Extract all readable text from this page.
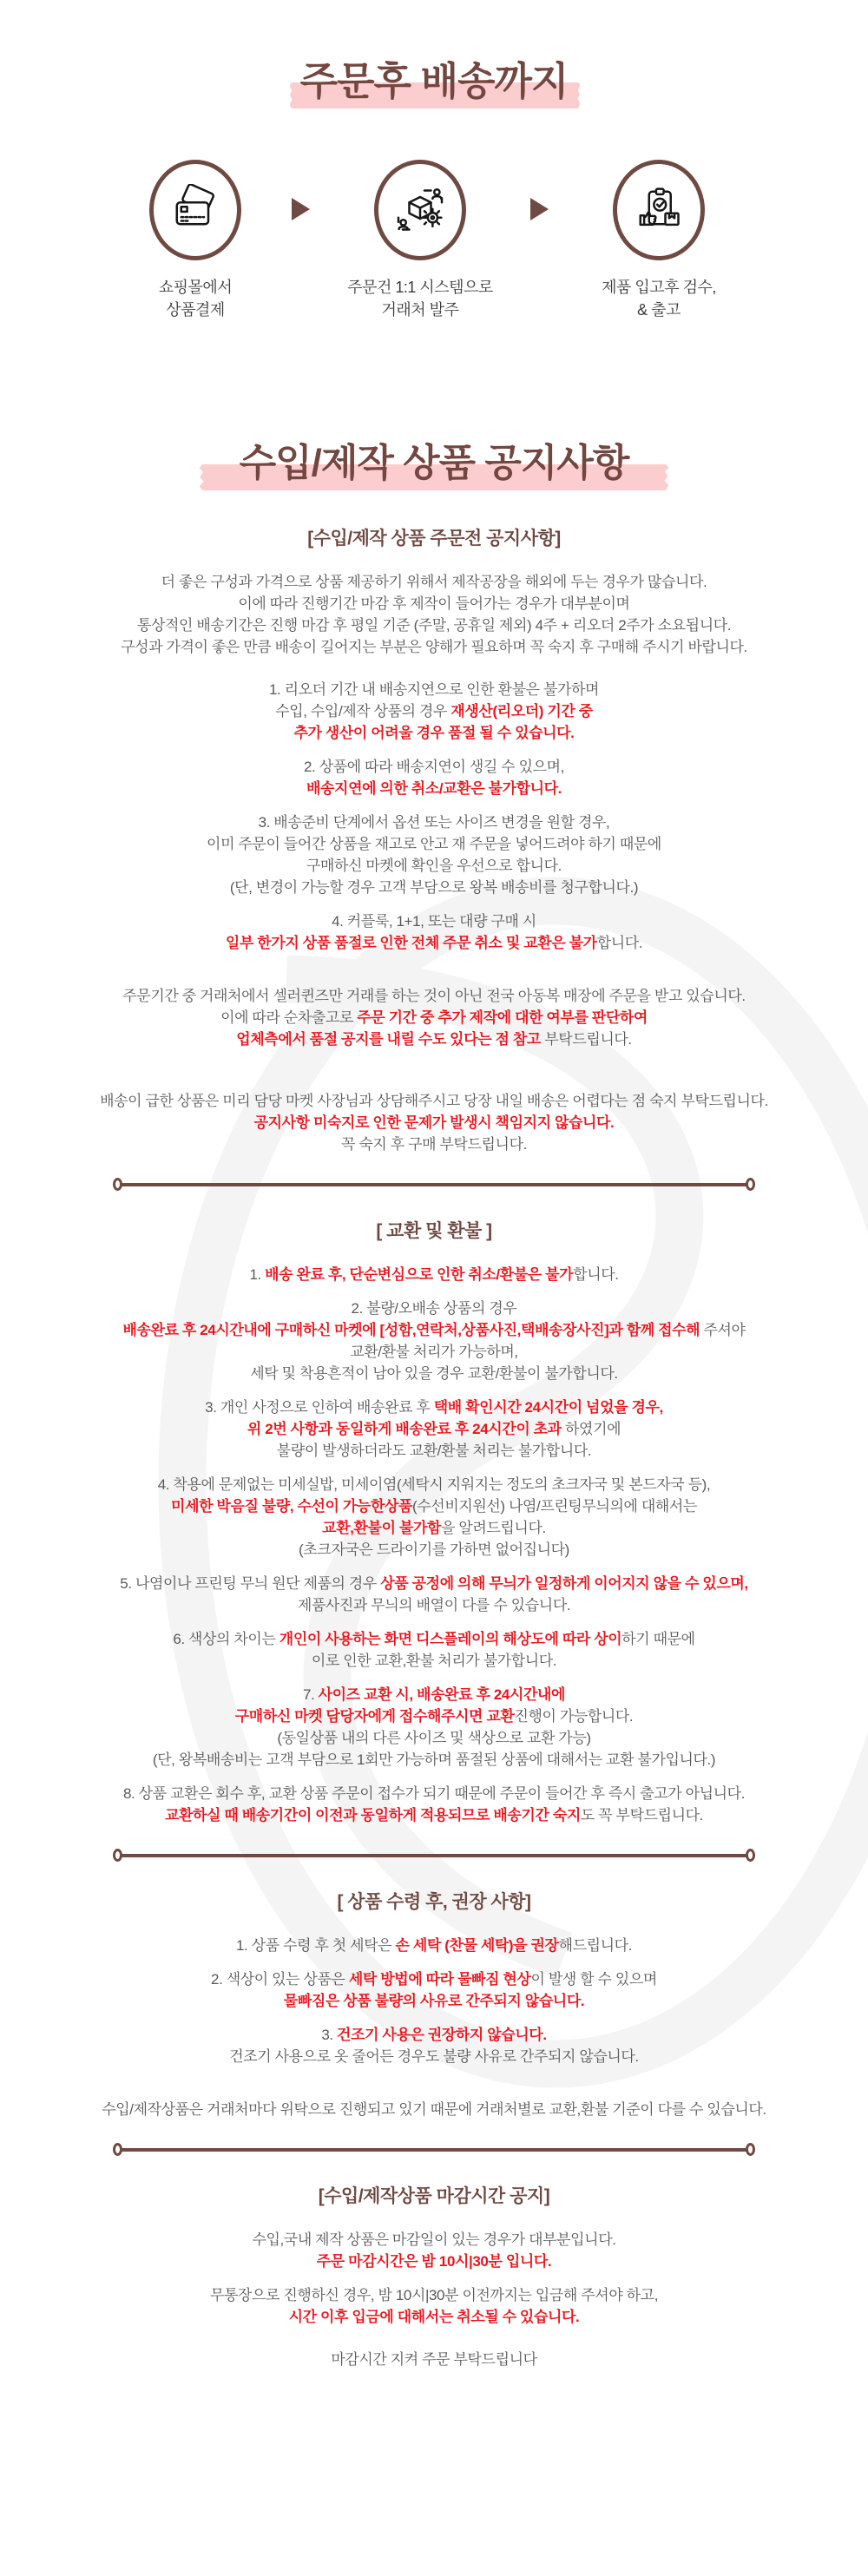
주문후 배송까지
쇼핑몰에서
상품결제
주문건 1:1 시스템으로
거래처 발주
제품 입고후 검수,
& 출고
수입/제작 상품 공지사항
[수입/제작 상품 주문전 공지사항]

더 좋은 구성과 가격으로 상품 제공하기 위해서 제작공장을 해외에 두는 경우가 많습니다.
이에 따라 진행기간 마감 후 제작이 들어가는 경우가 대부분이며
통상적인 배송기간은 진행 마감 후 평일 기준 (주말, 공휴일 제외) 4주 + 리오더 2주가 소요됩니다.
구성과 가격이 좋은 만큼 배송이 길어지는 부분은 양해가 필요하며 꼭 숙지 후 구매해 주시기 바랍니다.

1. 리오더 기간 내 배송지연으로 인한 환불은 불가하며
수입, 수입/제작 상품의 경우 재생산(리오더) 기간 중
추가 생산이 어려울 경우 품절 될 수 있습니다.

2. 상품에 따라 배송지연이 생길 수 있으며,
배송지연에 의한 취소/교환은 불가합니다.

3. 배송준비 단계에서 옵션 또는 사이즈 변경을 원할 경우,
이미 주문이 들어간 상품을 재고로 안고 재 주문을 넣어드려야 하기 때문에
구매하신 마켓에 확인을 우선으로 합니다.
(단, 변경이 가능할 경우 고객 부담으로 왕복 배송비를 청구합니다.)

4. 커플룩, 1+1, 또는 대량 구매 시
일부 한가지 상품 품절로 인한 전체 주문 취소 및 교환은 불가합니다.

주문기간 중 거래처에서 셀러퀸즈만 거래를 하는 것이 아닌 전국 아동복 매장에 주문을 받고 있습니다.
이에 따라 순차출고로 주문 기간 중 추가 제작에 대한 여부를 판단하여
업체측에서 품절 공지를 내릴 수도 있다는 점 참고 부탁드립니다.

배송이 급한 상품은 미리 담당 마켓 사장님과 상담해주시고 당장 내일 배송은 어렵다는 점 숙지 부탁드립니다.
공지사항 미숙지로 인한 문제가 발생시 책임지지 않습니다.
꼭 숙지 후 구매 부탁드립니다.

[ 교환 및 환불 ]

1. 배송 완료 후, 단순변심으로 인한 취소/환불은 불가합니다.

2. 불량/오배송 상품의 경우
배송완료 후 24시간내에 구매하신 마켓에 [성함,연락처,상품사진,택배송장사진]과 함께 접수해 주셔야
교환/환불 처리가 가능하며,
세탁 및 착용흔적이 남아 있을 경우 교환/환불이 불가합니다.

3. 개인 사정으로 인하여 배송완료 후 택배 확인시간 24시간이 넘었을 경우,
위 2번 사항과 동일하게 배송완료 후 24시간이 초과 하였기에
불량이 발생하더라도 교환/환불 처리는 불가합니다.

4. 착용에 문제없는 미세실밥, 미세이염(세탁시 지워지는 정도의 초크자국 및 본드자국 등),
미세한 박음질 불량, 수선이 가능한상품(수선비지원선) 나염/프린팅무늬의에 대해서는
교환,환불이 불가함을 알려드립니다.
(초크자국은 드라이기를 가하면 없어집니다)

5. 나염이나 프린팅 무늬 원단 제품의 경우 상품 공정에 의해 무늬가 일정하게 이어지지 않을 수 있으며,
제품사진과 무늬의 배열이 다를 수 있습니다.

6. 색상의 차이는 개인이 사용하는 화면 디스플레이의 해상도에 따라 상이하기 때문에
이로 인한 교환,환불 처리가 불가합니다.

7. 사이즈 교환 시, 배송완료 후 24시간내에
구매하신 마켓 담당자에게 접수해주시면 교환진행이 가능합니다.
(동일상품 내의 다른 사이즈 및 색상으로 교환 가능)
(단, 왕복배송비는 고객 부담으로 1회만 가능하며 품절된 상품에 대해서는 교환 불가입니다.)

8. 상품 교환은 회수 후, 교환 상품 주문이 접수가 되기 때문에 주문이 들어간 후 즉시 출고가 아닙니다.
교환하실 때 배송기간이 이전과 동일하게 적용되므로 배송기간 숙지도 꼭 부탁드립니다.

[ 상품 수령 후, 권장 사항]

1. 상품 수령 후 첫 세탁은 손 세탁 (찬물 세탁)을 권장해드립니다.

2. 색상이 있는 상품은 세탁 방법에 따라 물빠짐 현상이 발생 할 수 있으며
물빠짐은 상품 불량의 사유로 간주되지 않습니다.

3. 건조기 사용은 권장하지 않습니다.
건조기 사용으로 옷 줄어든 경우도 불량 사유로 간주되지 않습니다.

수입/제작상품은 거래처마다 위탁으로 진행되고 있기 때문에 거래처별로 교환,환불 기준이 다를 수 있습니다.

[수입/제작상품 마감시간 공지]

수입,국내 제작 상품은 마감일이 있는 경우가 대부분입니다.
주문 마감시간은 밤 10시|30분 입니다.

무통장으로 진행하신 경우, 밤 10시|30분 이전까지는 입금해 주셔야 하고,
시간 이후 입금에 대해서는 취소될 수 있습니다.

마감시간 지켜 주문 부탁드립니다
